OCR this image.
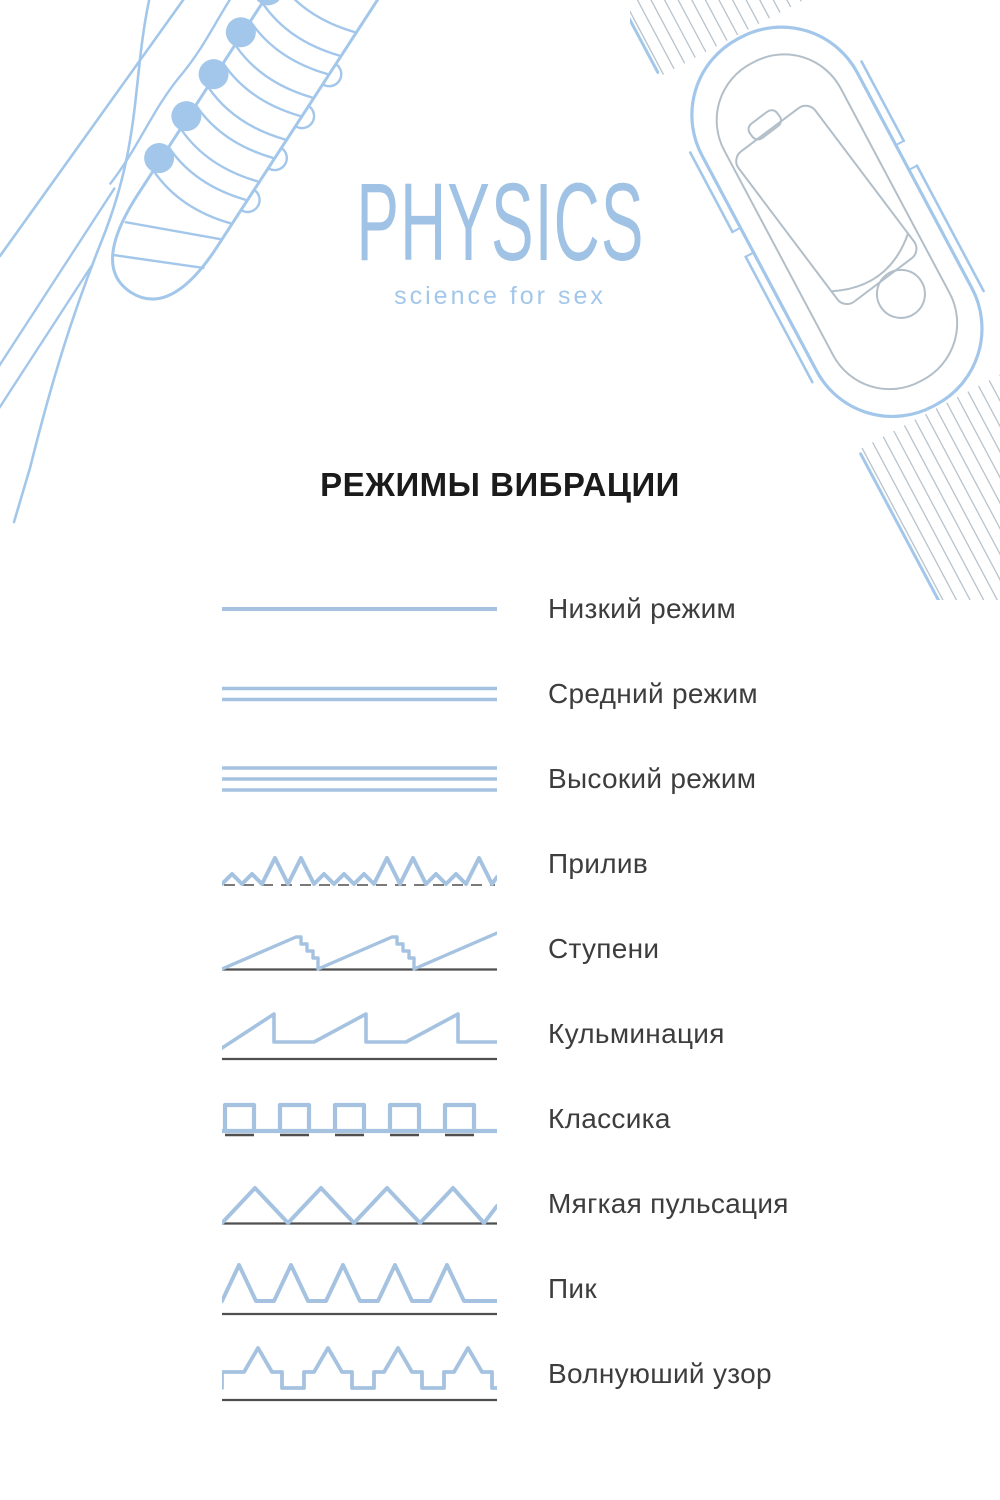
PHYSICS
science for sex
РЕЖИМЫ ВИБРАЦИИ
Низкий режим
Средний режим
Высокий режим
Прилив
Ступени
Кульминация
Классика
Мягкая пульсация
Пик
Волнуюший узор
